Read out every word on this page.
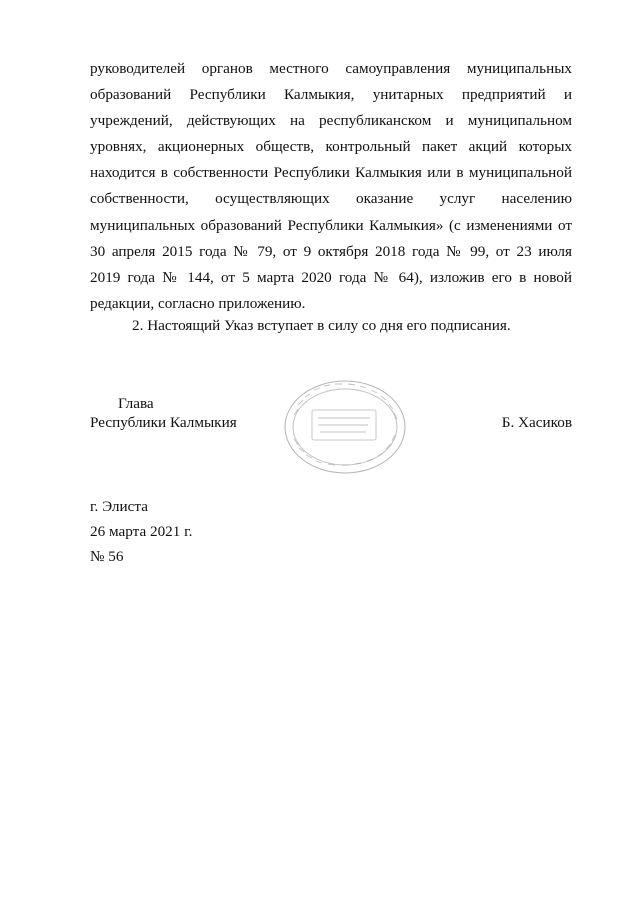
руководителей органов местного самоуправления муниципальных
образований Республики Калмыкия, унитарных предприятий и
учреждений, действующих на республиканском и муниципальном
уровнях, акционерных обществ, контрольный пакет акций которых
находится в собственности Республики Калмыкия или в муниципальной
собственности, осуществляющих оказание услуг населению
муниципальных образований Республики Калмыкия» (с изменениями от
30 апреля 2015 года № 79, от 9 октября 2018 года № 99, от 23 июля
2019 года № 144, от 5 марта 2020 года № 64), изложив его в новой
редакции, согласно приложению.
2. Настоящий Указ вступает в силу со дня его подписания.
Глава
Республики Калмыкия	Б. Хасиков
г. Элиста
26 марта 2021 г.
№ 56
